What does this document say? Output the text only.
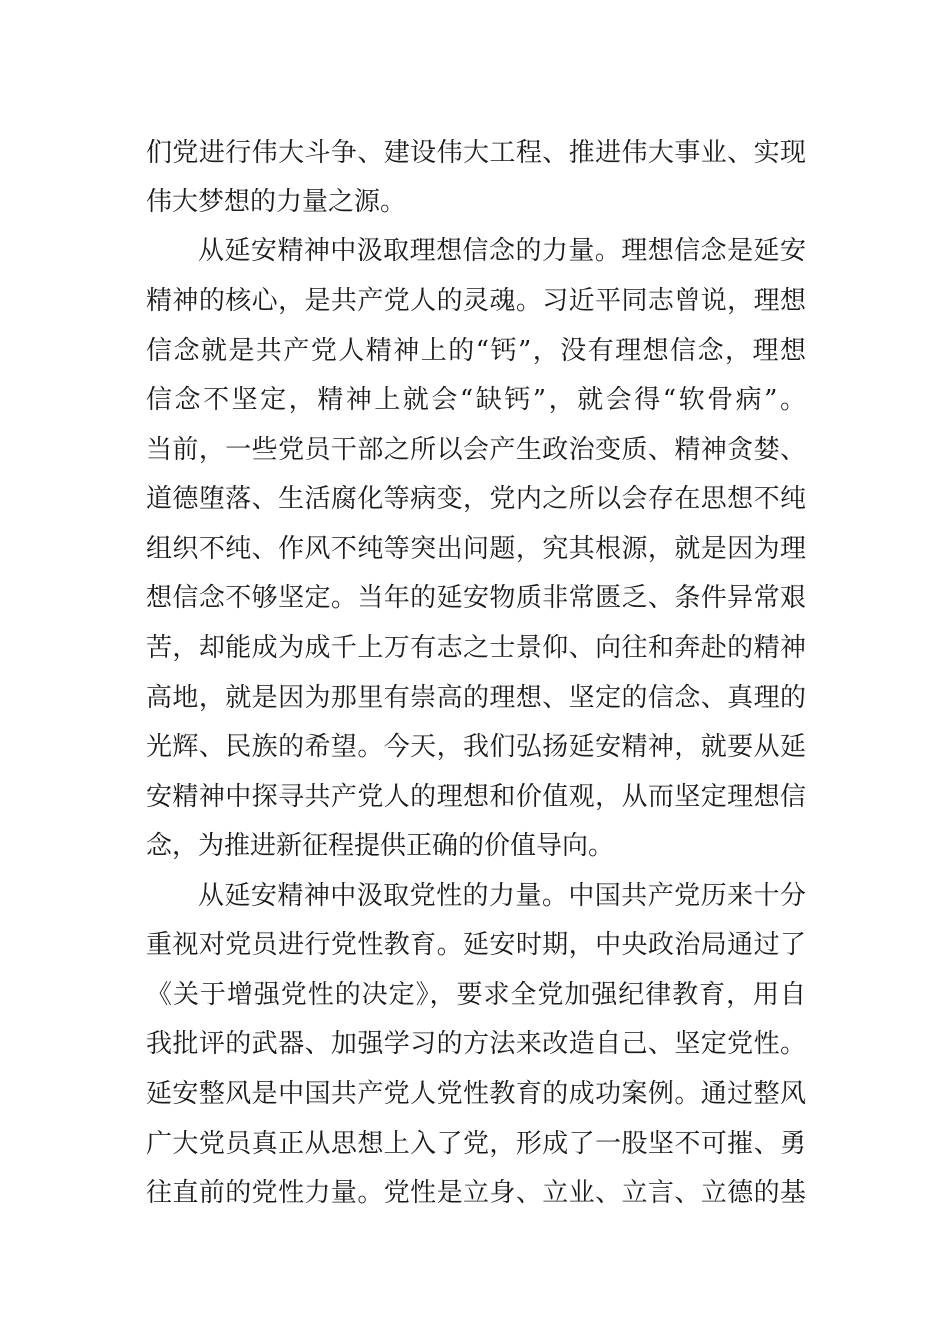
们党进行伟大斗争、建设伟大工程、推进伟大事业、实现
伟大梦想的力量之源。
从延安精神中汲取理想信念的力量。理想信念是延安
精神的核心，是共产党人的灵魂。习近平同志曾说，理想
信念就是共产党人精神上的“钙”，没有理想信念，理想
信念不坚定，精神上就会“缺钙”，就会得“软骨病”。
当前，一些党员干部之所以会产生政治变质、精神贪婪、
道德堕落、生活腐化等病变，党内之所以会存在思想不纯
组织不纯、作风不纯等突出问题，究其根源，就是因为理
想信念不够坚定。当年的延安物质非常匮乏、条件异常艰
苦，却能成为成千上万有志之士景仰、向往和奔赴的精神
高地，就是因为那里有崇高的理想、坚定的信念、真理的
光辉、民族的希望。今天，我们弘扬延安精神，就要从延
安精神中探寻共产党人的理想和价值观，从而坚定理想信
念，为推进新征程提供正确的价值导向。
从延安精神中汲取党性的力量。中国共产党历来十分
重视对党员进行党性教育。延安时期，中央政治局通过了
《关于增强党性的决定》，要求全党加强纪律教育，用自
我批评的武器、加强学习的方法来改造自己、坚定党性。
延安整风是中国共产党人党性教育的成功案例。通过整风
广大党员真正从思想上入了党，形成了一股坚不可摧、勇
往直前的党性力量。党性是立身、立业、立言、立德的基
